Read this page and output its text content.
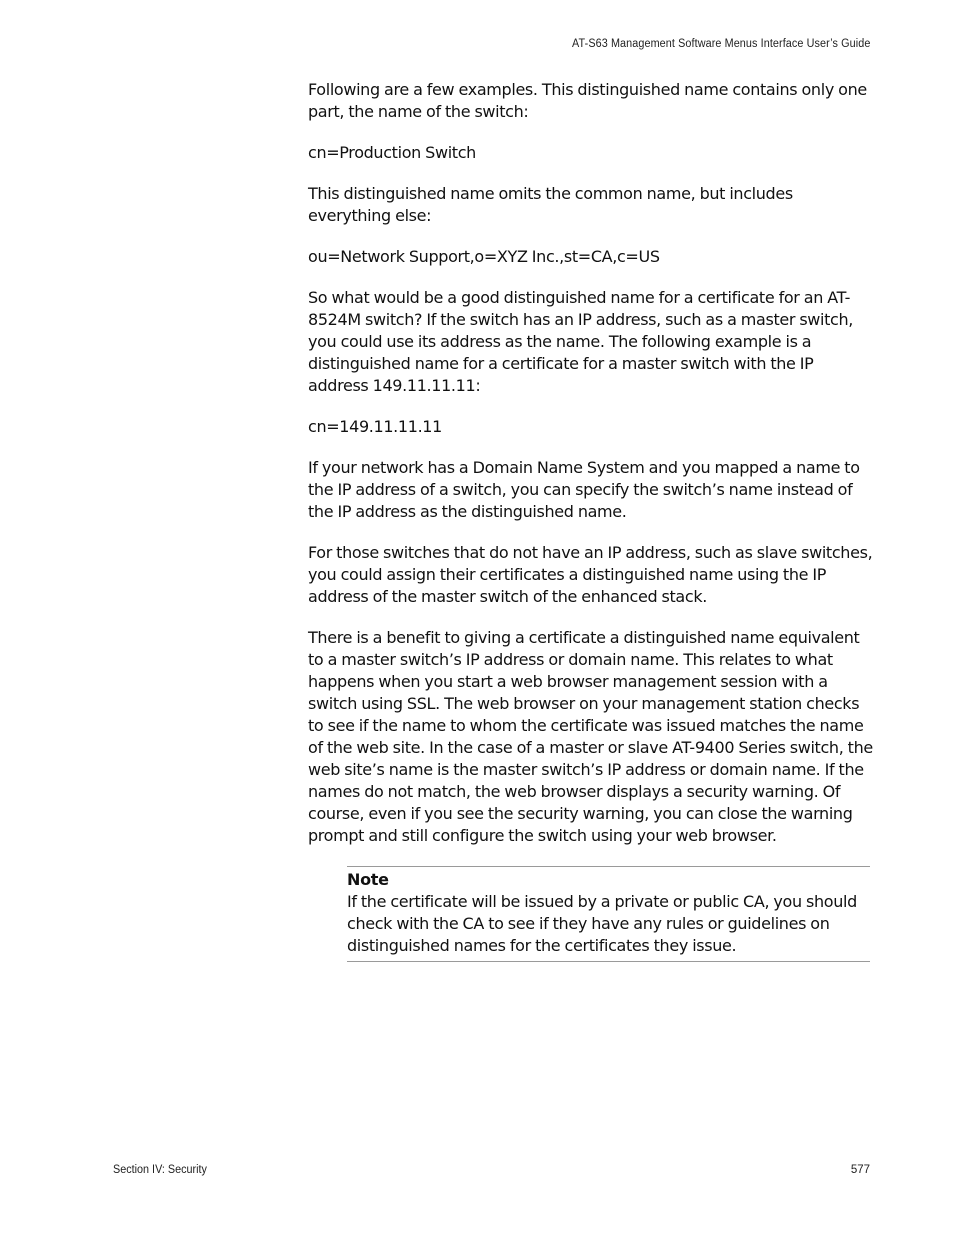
AT-S63 Management Software Menus Interface User’s Guide

Following are a few examples. This distinguished name contains only one part, the name of the switch:

cn=Production Switch

This distinguished name omits the common name, but includes everything else:

ou=Network Support,o=XYZ Inc.,st=CA,c=US

So what would be a good distinguished name for a certificate for an AT-8524M switch? If the switch has an IP address, such as a master switch, you could use its address as the name. The following example is a distinguished name for a certificate for a master switch with the IP address 149.11.11.11:

cn=149.11.11.11

If your network has a Domain Name System and you mapped a name to the IP address of a switch, you can specify the switch’s name instead of the IP address as the distinguished name.

For those switches that do not have an IP address, such as slave switches, you could assign their certificates a distinguished name using the IP address of the master switch of the enhanced stack.

There is a benefit to giving a certificate a distinguished name equivalent to a master switch’s IP address or domain name. This relates to what happens when you start a web browser management session with a switch using SSL. The web browser on your management station checks to see if the name to whom the certificate was issued matches the name of the web site. In the case of a master or slave AT-9400 Series switch, the web site’s name is the master switch’s IP address or domain name. If the names do not match, the web browser displays a security warning. Of course, even if you see the security warning, you can close the warning prompt and still configure the switch using your web browser.

Note
If the certificate will be issued by a private or public CA, you should check with the CA to see if they have any rules or guidelines on distinguished names for the certificates they issue.
Section IV: Security	577
